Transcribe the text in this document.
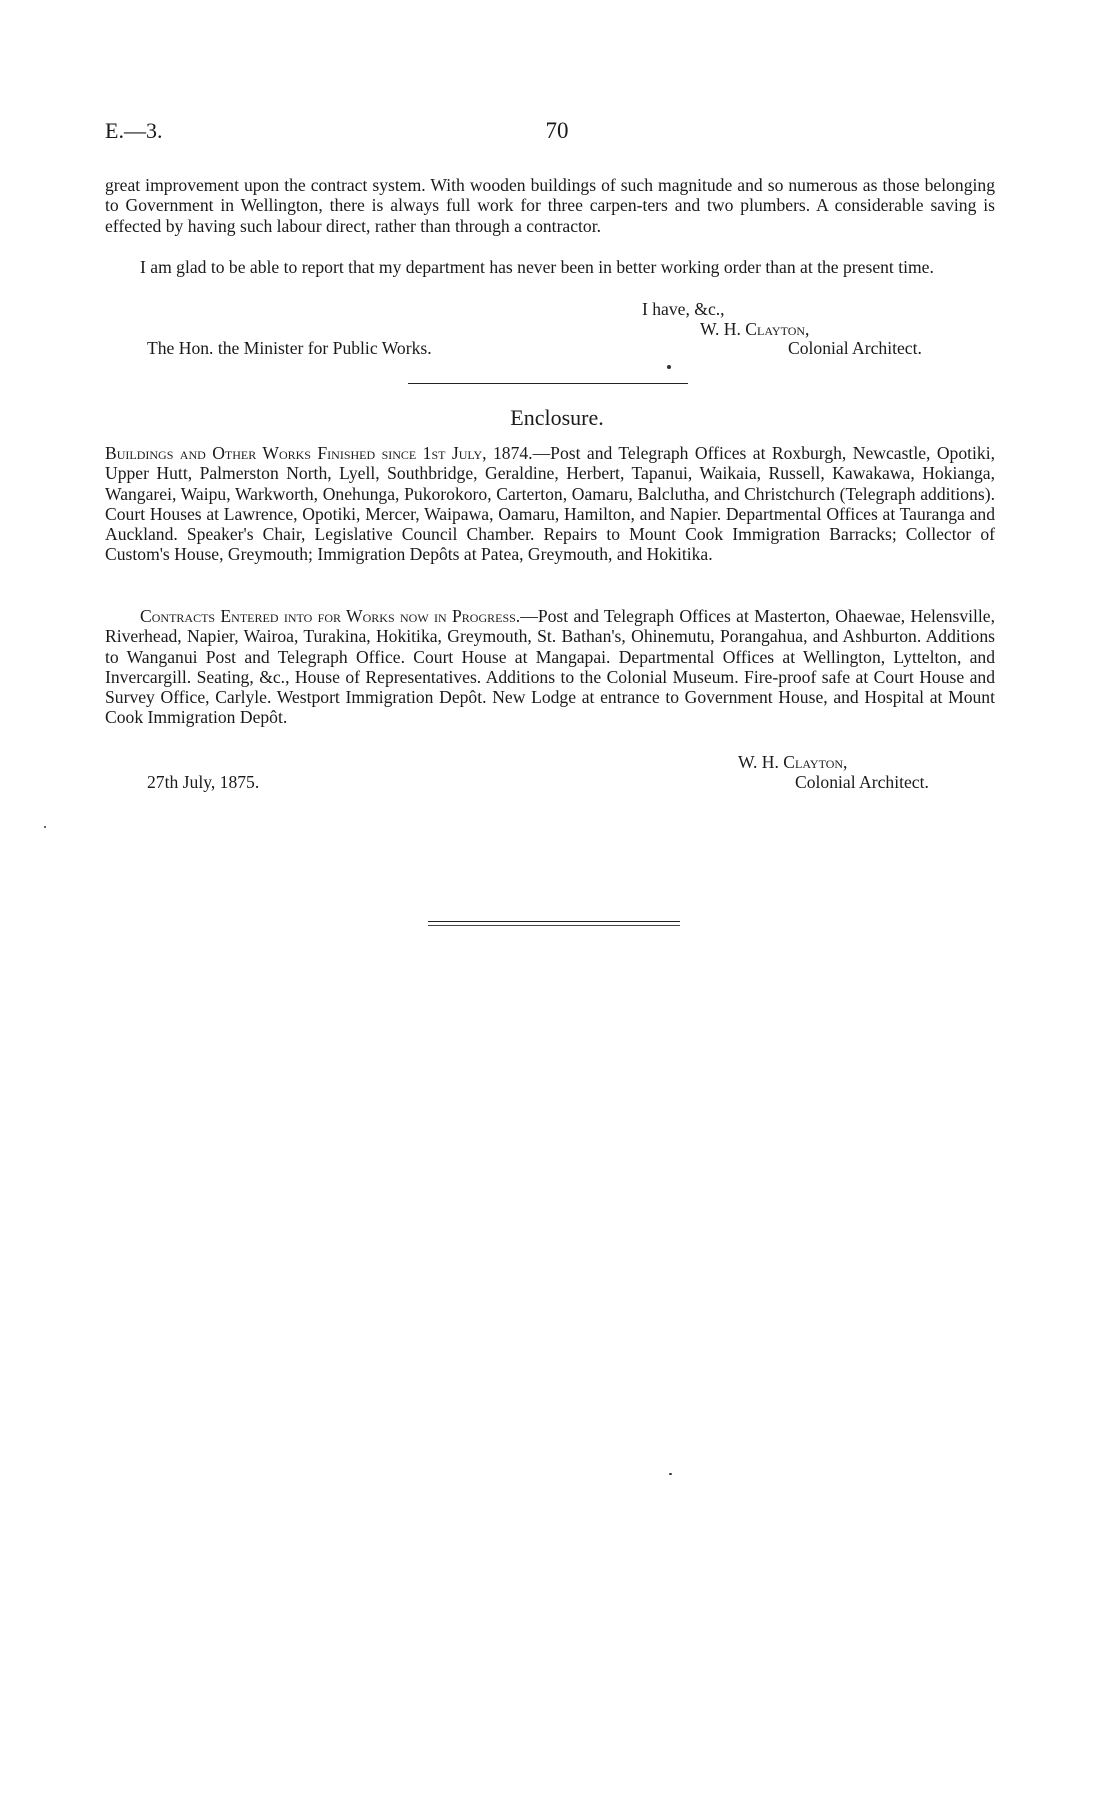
E.—3.	70

great improvement upon the contract system. With wooden buildings of such magnitude and so numerous as those belonging to Government in Wellington, there is always full work for three carpen-ters and two plumbers. A considerable saving is effected by having such labour direct, rather than through a contractor.

I am glad to be able to report that my department has never been in better working order than at the present time.

I have, &c.,
W. H. Clayton,
The Hon. the Minister for Public Works.	Colonial Architect.
Enclosure.

Buildings and Other Works Finished since 1st July, 1874.—Post and Telegraph Offices at Roxburgh, Newcastle, Opotiki, Upper Hutt, Palmerston North, Lyell, Southbridge, Geraldine, Herbert, Tapanui, Waikaia, Russell, Kawakawa, Hokianga, Wangarei, Waipu, Warkworth, Onehunga, Pukorokoro, Carterton, Oamaru, Balclutha, and Christchurch (Telegraph additions). Court Houses at Lawrence, Opotiki, Mercer, Waipawa, Oamaru, Hamilton, and Napier. Departmental Offices at Tauranga and Auckland. Speaker's Chair, Legislative Council Chamber. Repairs to Mount Cook Immigration Barracks; Collector of Custom's House, Greymouth; Immigration Depôts at Patea, Greymouth, and Hokitika.

Contracts Entered into for Works now in Progress.—Post and Telegraph Offices at Masterton, Ohaewae, Helensville, Riverhead, Napier, Wairoa, Turakina, Hokitika, Greymouth, St. Bathan's, Ohinemutu, Porangahua, and Ashburton. Additions to Wanganui Post and Telegraph Office. Court House at Mangapai. Departmental Offices at Wellington, Lyttelton, and Invercargill. Seating, &c., House of Representatives. Additions to the Colonial Museum. Fire-proof safe at Court House and Survey Office, Carlyle. Westport Immigration Depôt. New Lodge at entrance to Government House, and Hospital at Mount Cook Immigration Depôt.

W. H. Clayton,
27th July, 1875.	Colonial Architect.
